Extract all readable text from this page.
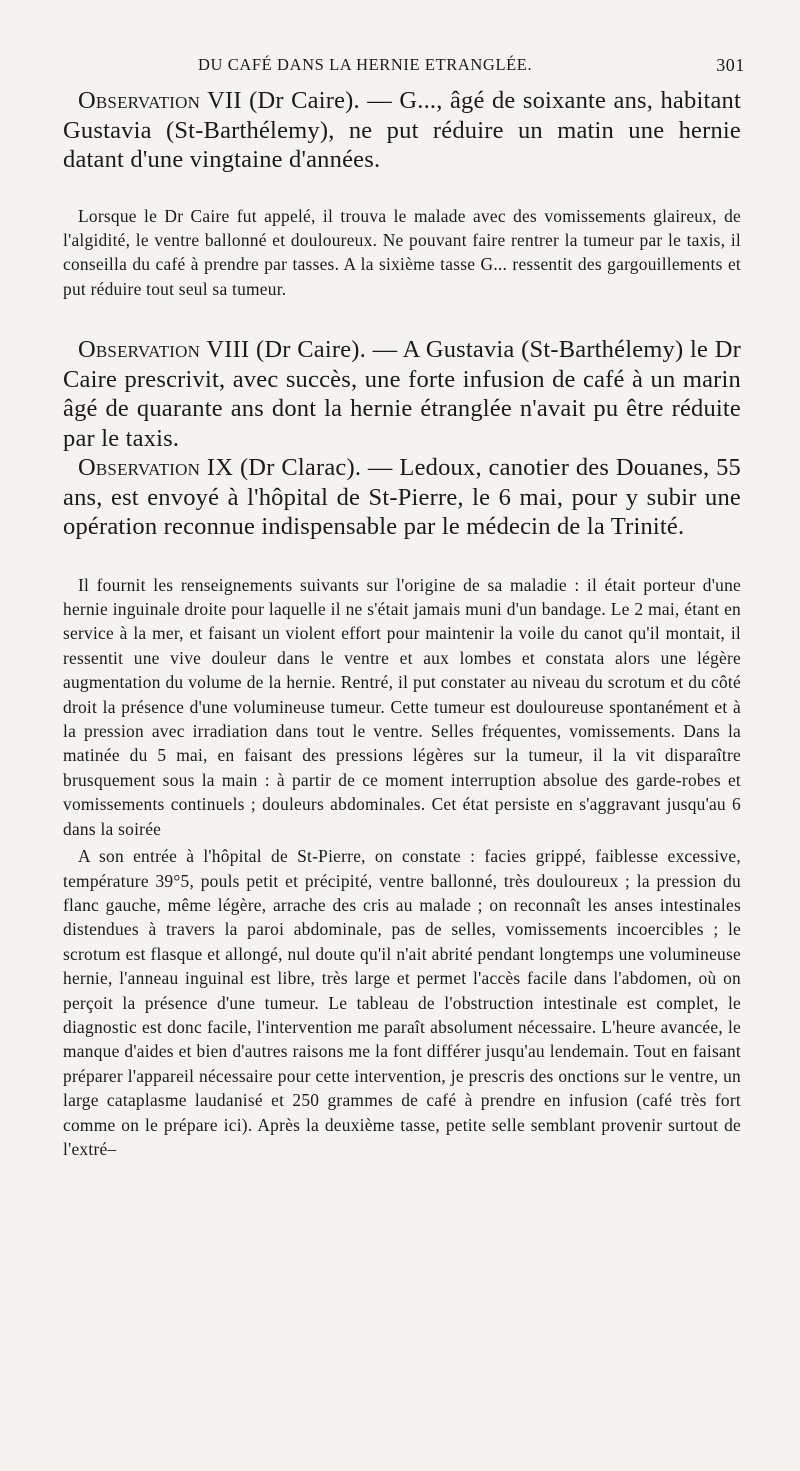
DU CAFÉ DANS LA HERNIE ETRANGLÉE.	301

Observation VII (Dr Caire). — G..., âgé de soixante ans, habitant Gustavia (St-Barthélemy), ne put réduire un matin une hernie datant d'une vingtaine d'années.

Lorsque le Dr Caire fut appelé, il trouva le malade avec des vomissements glaireux, de l'algidité, le ventre ballonné et douloureux. Ne pouvant faire rentrer la tumeur par le taxis, il conseilla du café à prendre par tasses. A la sixième tasse G... ressentit des gargouillements et put réduire tout seul sa tumeur.

Observation VIII (Dr Caire). — A Gustavia (St-Barthélemy) le Dr Caire prescrivit, avec succès, une forte infusion de café à un marin âgé de quarante ans dont la hernie étranglée n'avait pu être réduite par le taxis.

Observation IX (Dr Clarac). — Ledoux, canotier des Douanes, 55 ans, est envoyé à l'hôpital de St-Pierre, le 6 mai, pour y subir une opération reconnue indispensable par le médecin de la Trinité.

Il fournit les renseignements suivants sur l'origine de sa maladie : il était porteur d'une hernie inguinale droite pour laquelle il ne s'était jamais muni d'un bandage. Le 2 mai, étant en service à la mer, et faisant un violent effort pour maintenir la voile du canot qu'il montait, il ressentit une vive douleur dans le ventre et aux lombes et constata alors une légère augmentation du volume de la hernie. Rentré, il put constater au niveau du scrotum et du côté droit la présence d'une volumineuse tumeur. Cette tumeur est douloureuse spontanément et à la pression avec irradiation dans tout le ventre. Selles fréquentes, vomissements. Dans la matinée du 5 mai, en faisant des pressions légères sur la tumeur, il la vit disparaître brusquement sous la main : à partir de ce moment interruption absolue des garde-robes et vomissements continuels ; douleurs abdominales. Cet état persiste en s'aggravant jusqu'au 6 dans la soirée

A son entrée à l'hôpital de St-Pierre, on constate : facies grippé, faiblesse excessive, température 39°5, pouls petit et précipité, ventre ballonné, très douloureux ; la pression du flanc gauche, même légère, arrache des cris au malade ; on reconnaît les anses intestinales distendues à travers la paroi abdominale, pas de selles, vomissements incoercibles ; le scrotum est flasque et allongé, nul doute qu'il n'ait abrité pendant longtemps une volumineuse hernie, l'anneau inguinal est libre, très large et permet l'accès facile dans l'abdomen, où on perçoit la présence d'une tumeur. Le tableau de l'obstruction intestinale est complet, le diagnostic est donc facile, l'intervention me paraît absolument nécessaire. L'heure avancée, le manque d'aides et bien d'autres raisons me la font différer jusqu'au lendemain. Tout en faisant préparer l'appareil nécessaire pour cette intervention, je prescris des onctions sur le ventre, un large cataplasme laudanisé et 250 grammes de café à prendre en infusion (café très fort comme on le prépare ici). Après la deuxième tasse, petite selle semblant provenir surtout de l'extré–
